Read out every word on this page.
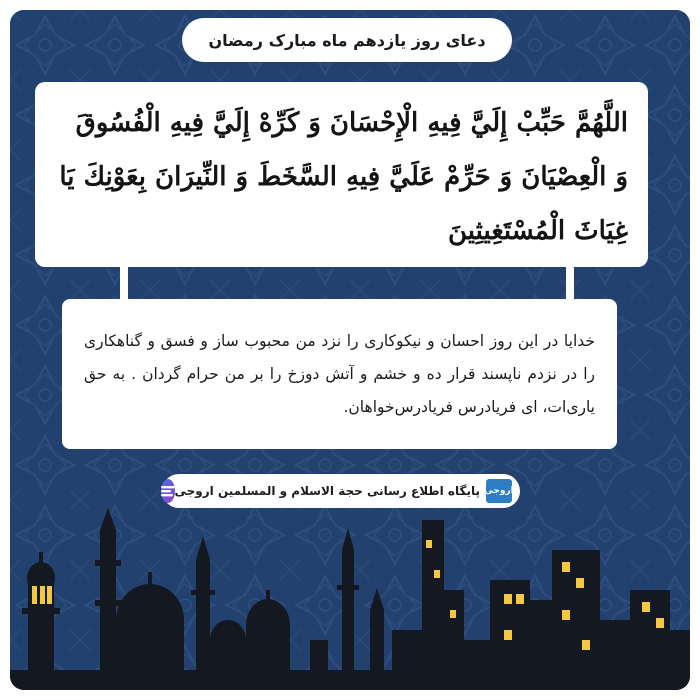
دعای روز یازدهم ماه مبارک رمضان
اللَّهُمَّ حَبِّبْ إِلَيَّ فِيهِ الْإِحْسَانَ وَ كَرِّهْ إِلَيَّ فِيهِ الْفُسُوقَ وَ الْعِصْيَانَ وَ حَرِّمْ عَلَيَّ فِيهِ السَّخَطَ وَ النِّيرَانَ بِعَوْنِكَ يَا غِيَاثَ الْمُسْتَغِيثِينَ
خدایا در این روز احسان و نیکوکاری را نزد من محبوب ساز و فسق و گناهکاری را در نزدم ناپسند قرار ده و خشم و آتش دوزخ را بر من حرام گردان . به حق یاری‌ات، ای فریادرس فریادرس‌خواهان.
اروجی
پایگاه اطلاع رسانی حجة الاسلام و المسلمین اروجی
